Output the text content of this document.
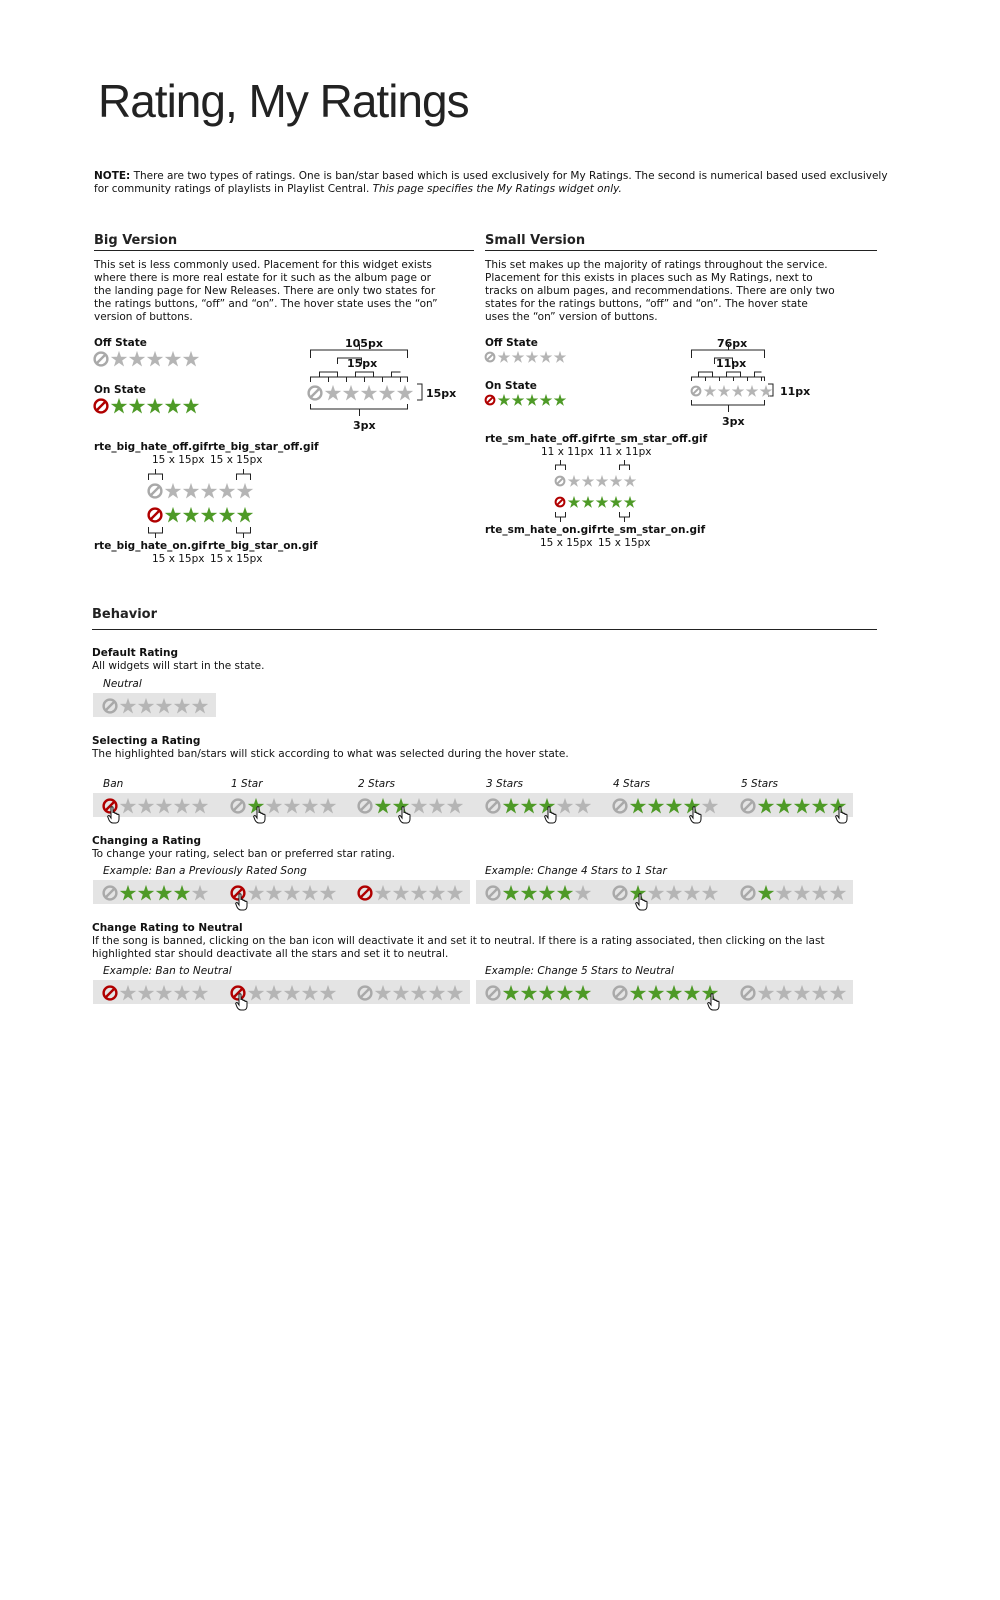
Rating, My Ratings
NOTE: There are two types of ratings. One is ban/star based which is used exclusively for My Ratings. The second is numerical based used exclusively for community ratings of playlists in Playlist Central. This page specifies the My Ratings widget only.
Big Version
This set is less commonly used. Placement for this widget exists where there is more real estate for it such as the album page or the landing page for New Releases. There are only two states for the ratings buttons, “off” and “on”. The hover state uses the “on” version of buttons.
Off State
On State
105px
15px
15px
3px
rte_big_hate_off.gif rte_big_star_off.gif
15 x 15px 15 x 15px
rte_big_hate_on.gif rte_big_star_on.gif
15 x 15px 15 x 15px
Small Version
This set makes up the majority of ratings throughout the service. Placement for this exists in places such as My Ratings, next to tracks on album pages, and recommendations. There are only two states for the ratings buttons, “off” and “on”. The hover state uses the “on” version of buttons.
Off State
On State
76px
11px
11px
3px
rte_sm_hate_off.gif rte_sm_star_off.gif
11 x 11px 11 x 11px
rte_sm_hate_on.gif rte_sm_star_on.gif
15 x 15px 15 x 15px
Behavior
Default Rating
All widgets will start in the state.
Neutral
Selecting a Rating
The highlighted ban/stars will stick according to what was selected during the hover state.
Ban	1 Star	2 Stars	3 Stars	4 Stars	5 Stars
Changing a Rating
To change your rating, select ban or preferred star rating.
Example: Ban a Previously Rated Song	Example: Change 4 Stars to 1 Star
Change Rating to Neutral
If the song is banned, clicking on the ban icon will deactivate it and set it to neutral. If there is a rating associated, then clicking on the last highlighted star should deactivate all the stars and set it to neutral.
Example: Ban to Neutral	Example: Change 5 Stars to Neutral
